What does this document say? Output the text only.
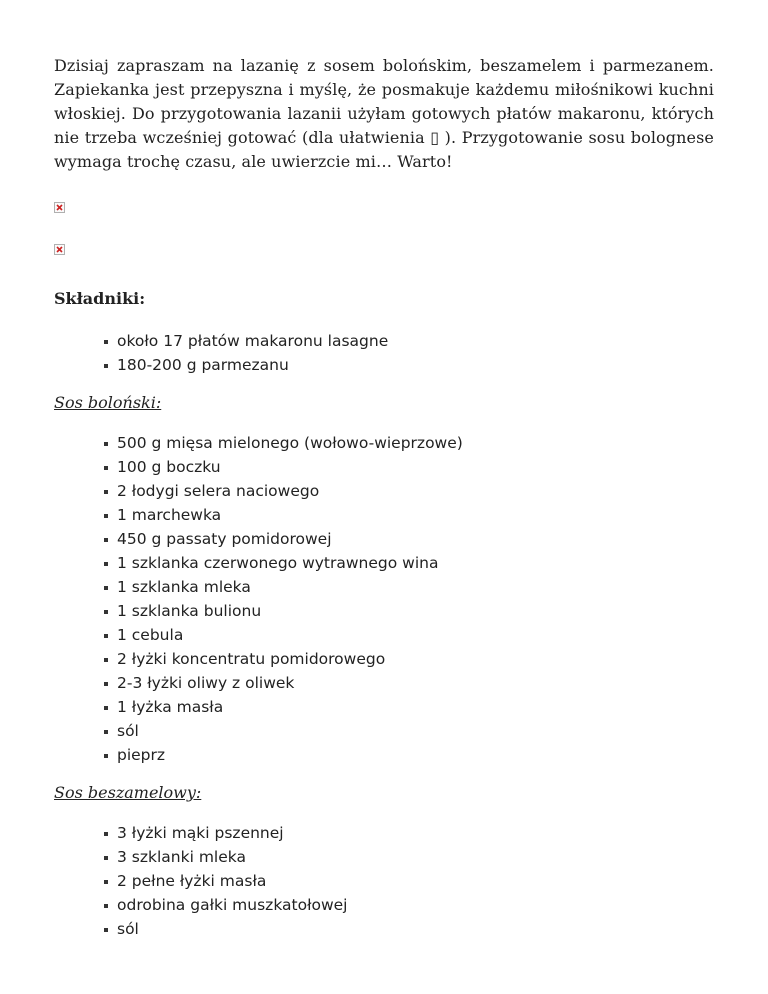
Dzisiaj zapraszam na lazanię z sosem bolońskim, beszamelem i parmezanem. Zapiekanka jest przepyszna i myślę, że posmakuje każdemu miłośnikowi kuchni włoskiej. Do przygotowania lazanii użyłam gotowych płatów makaronu, których nie trzeba wcześniej gotować (dla ułatwienia ▯ ). Przygotowanie sosu bolognese wymaga trochę czasu, ale uwierzcie mi… Warto!

Składniki:
około 17 płatów makaronu lasagne
180-200 g parmezanu

Sos boloński:

500 g mięsa mielonego (wołowo-wieprzowe)
100 g boczku
2 łodygi selera naciowego
1 marchewka
450 g passaty pomidorowej
1 szklanka czerwonego wytrawnego wina
1 szklanka mleka
1 szklanka bulionu
1 cebula
2 łyżki koncentratu pomidorowego
2-3 łyżki oliwy z oliwek
1 łyżka masła
sól
pieprz

Sos beszamelowy:

3 łyżki mąki pszennej
3 szklanki mleka
2 pełne łyżki masła
odrobina gałki muszkatołowej
sól
